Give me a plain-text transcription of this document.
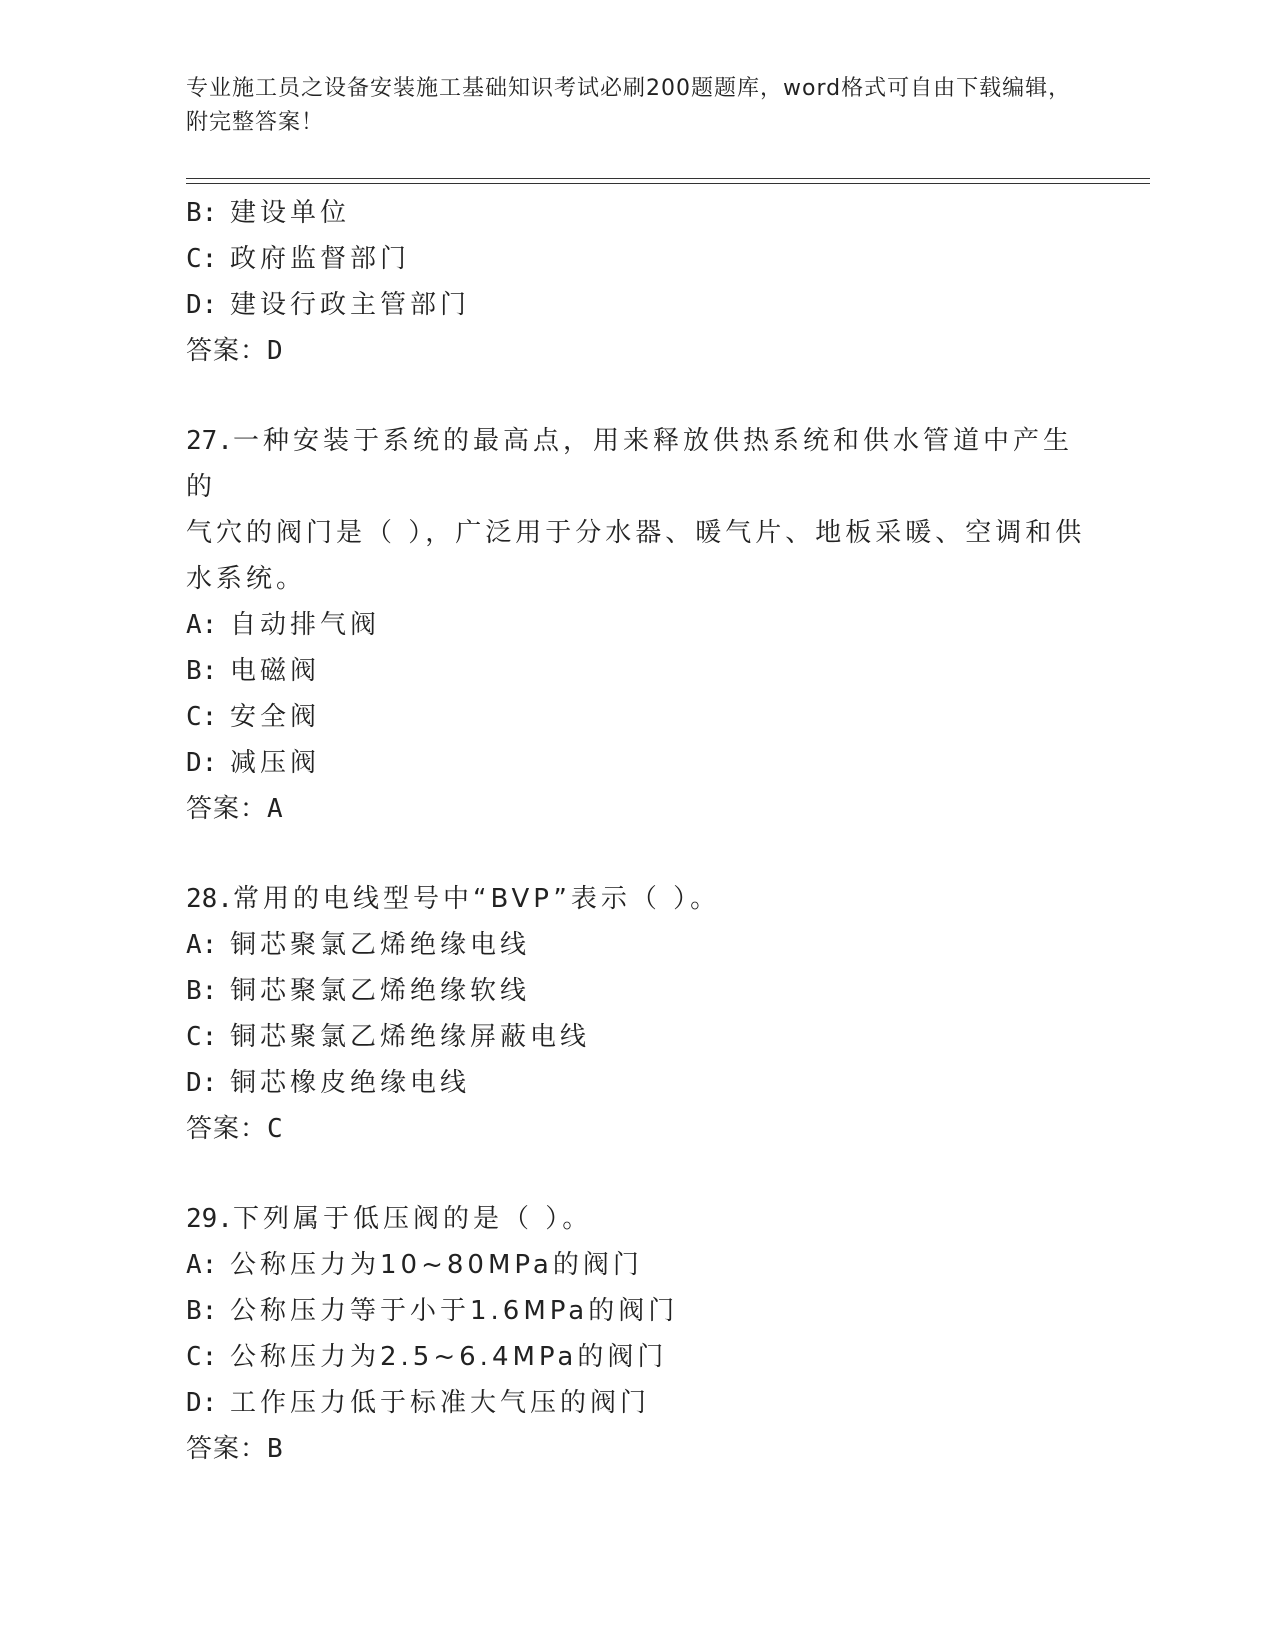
专业施工员之设备安装施工基础知识考试必刷200题题库，word格式可自由下载编辑，附完整答案！
B: 建设单位
C: 政府监督部门
D: 建设行政主管部门
答案：D
27.一种安装于系统的最高点，用来释放供热系统和供水管道中产生的
气穴的阀门是（ ），广泛用于分水器、暖气片、地板采暖、空调和供
水系统。
A: 自动排气阀
B: 电磁阀
C: 安全阀
D: 减压阀
答案：A
28.常用的电线型号中“BVP”表示（ ）。
A: 铜芯聚氯乙烯绝缘电线
B: 铜芯聚氯乙烯绝缘软线
C: 铜芯聚氯乙烯绝缘屏蔽电线
D: 铜芯橡皮绝缘电线
答案：C
29.下列属于低压阀的是（ ）。
A: 公称压力为10~80MPa的阀门
B: 公称压力等于小于1.6MPa的阀门
C: 公称压力为2.5~6.4MPa的阀门
D: 工作压力低于标准大气压的阀门
答案：B
